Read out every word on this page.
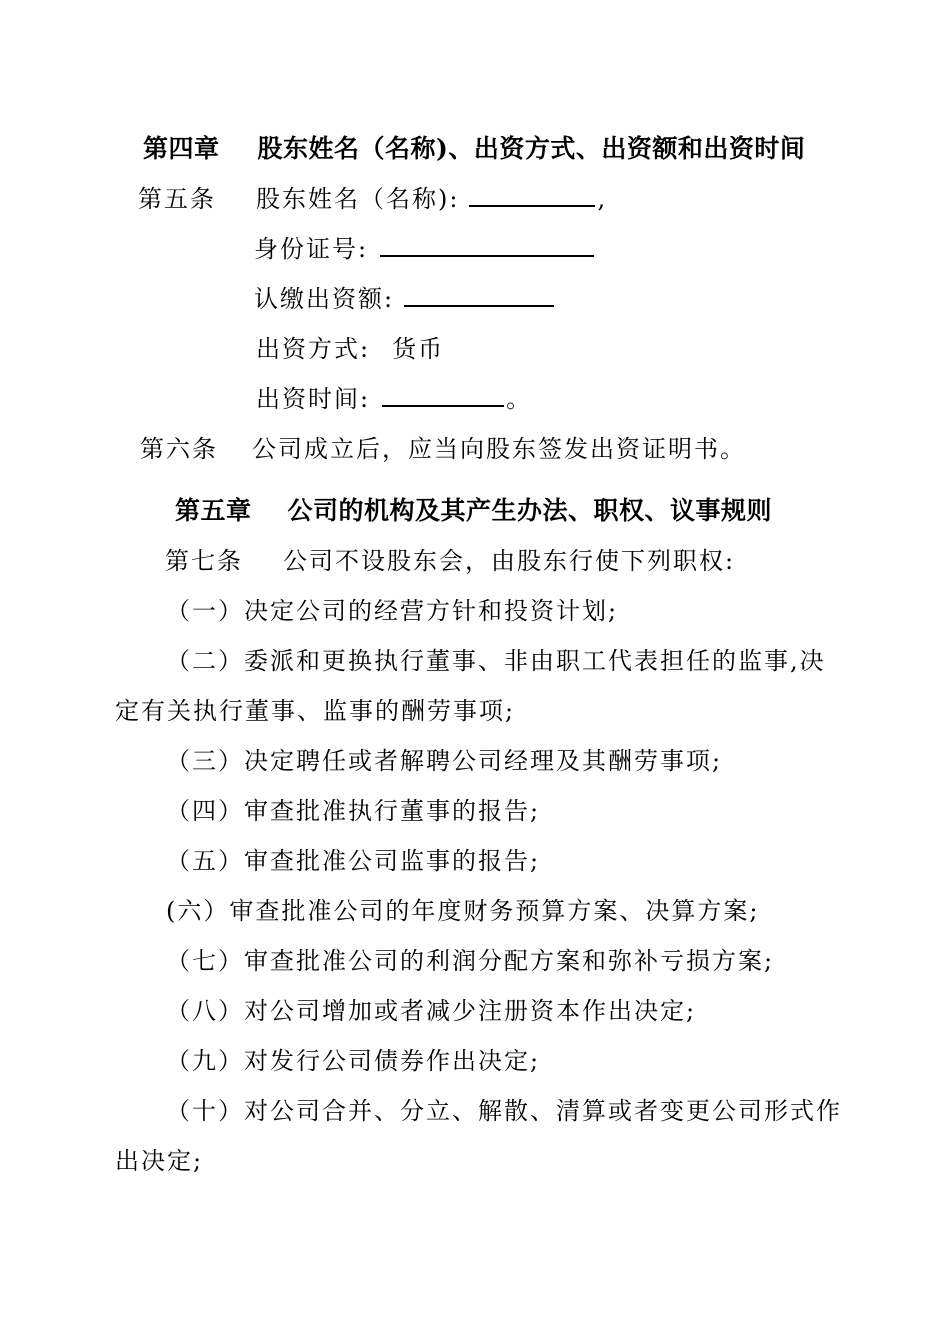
第四章 股东姓名（名称)、出资方式、出资额和出资时间
第五条 股东姓名（名称):	,
身份证号:
认缴出资额:
出资方式: 货币
出资时间:	。
第六条 公司成立后，应当向股东签发出资证明书。
第五章 公司的机构及其产生办法、职权、议事规则
第七条 公司不设股东会，由股东行使下列职权:
（一）决定公司的经营方针和投资计划;
（二）委派和更换执行董事、非由职工代表担任的监事,决
定有关执行董事、监事的酬劳事项;
（三）决定聘任或者解聘公司经理及其酬劳事项;
（四）审查批准执行董事的报告;
（五）审查批准公司监事的报告;
(六）审查批准公司的年度财务预算方案、决算方案;
（七）审查批准公司的利润分配方案和弥补亏损方案;
（八）对公司增加或者减少注册资本作出决定;
（九）对发行公司债券作出决定;
（十）对公司合并、分立、解散、清算或者变更公司形式作
出决定;
